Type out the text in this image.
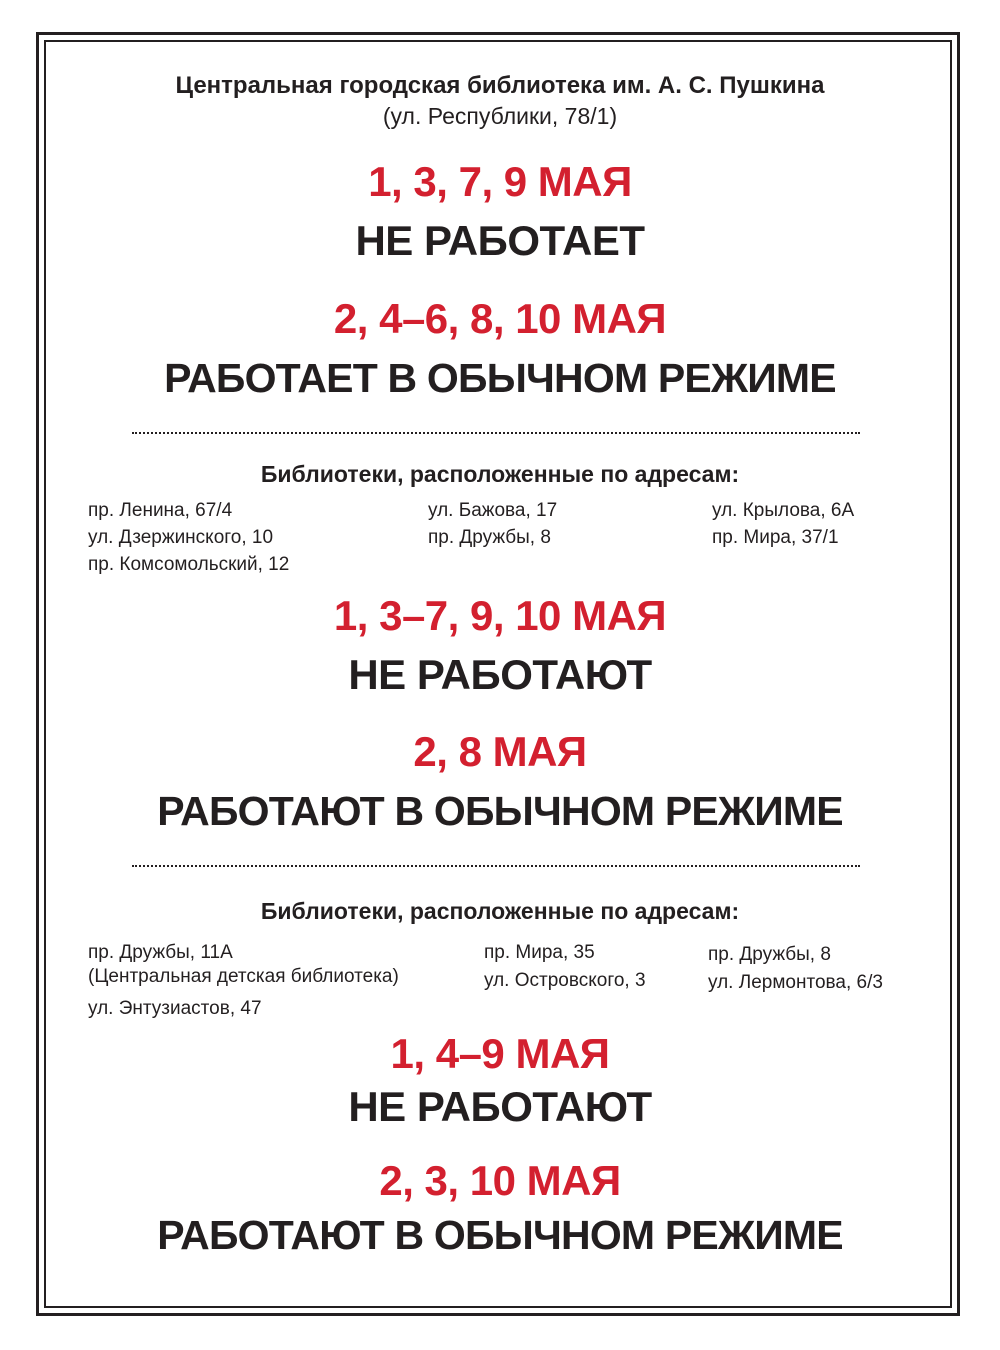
Центральная городская библиотека им. А. С. Пушкина
(ул. Республики, 78/1)
1, 3, 7, 9 МАЯ
НЕ РАБОТАЕТ
2, 4–6, 8, 10 МАЯ
РАБОТАЕТ В ОБЫЧНОМ РЕЖИМЕ
Библиотеки, расположенные по адресам:
пр. Ленина, 67/4
ул. Дзержинского, 10
пр. Комсомольский, 12
ул. Бажова, 17
пр. Дружбы, 8
ул. Крылова, 6А
пр. Мира, 37/1
1, 3–7, 9, 10 МАЯ
НЕ РАБОТАЮТ
2, 8 МАЯ
РАБОТАЮТ В ОБЫЧНОМ РЕЖИМЕ
Библиотеки, расположенные по адресам:
пр. Дружбы, 11А
(Центральная детская библиотека)
ул. Энтузиастов, 47
пр. Мира, 35
ул. Островского, 3
пр. Дружбы, 8
ул. Лермонтова, 6/3
1, 4–9 МАЯ
НЕ РАБОТАЮТ
2, 3, 10 МАЯ
РАБОТАЮТ В ОБЫЧНОМ РЕЖИМЕ
